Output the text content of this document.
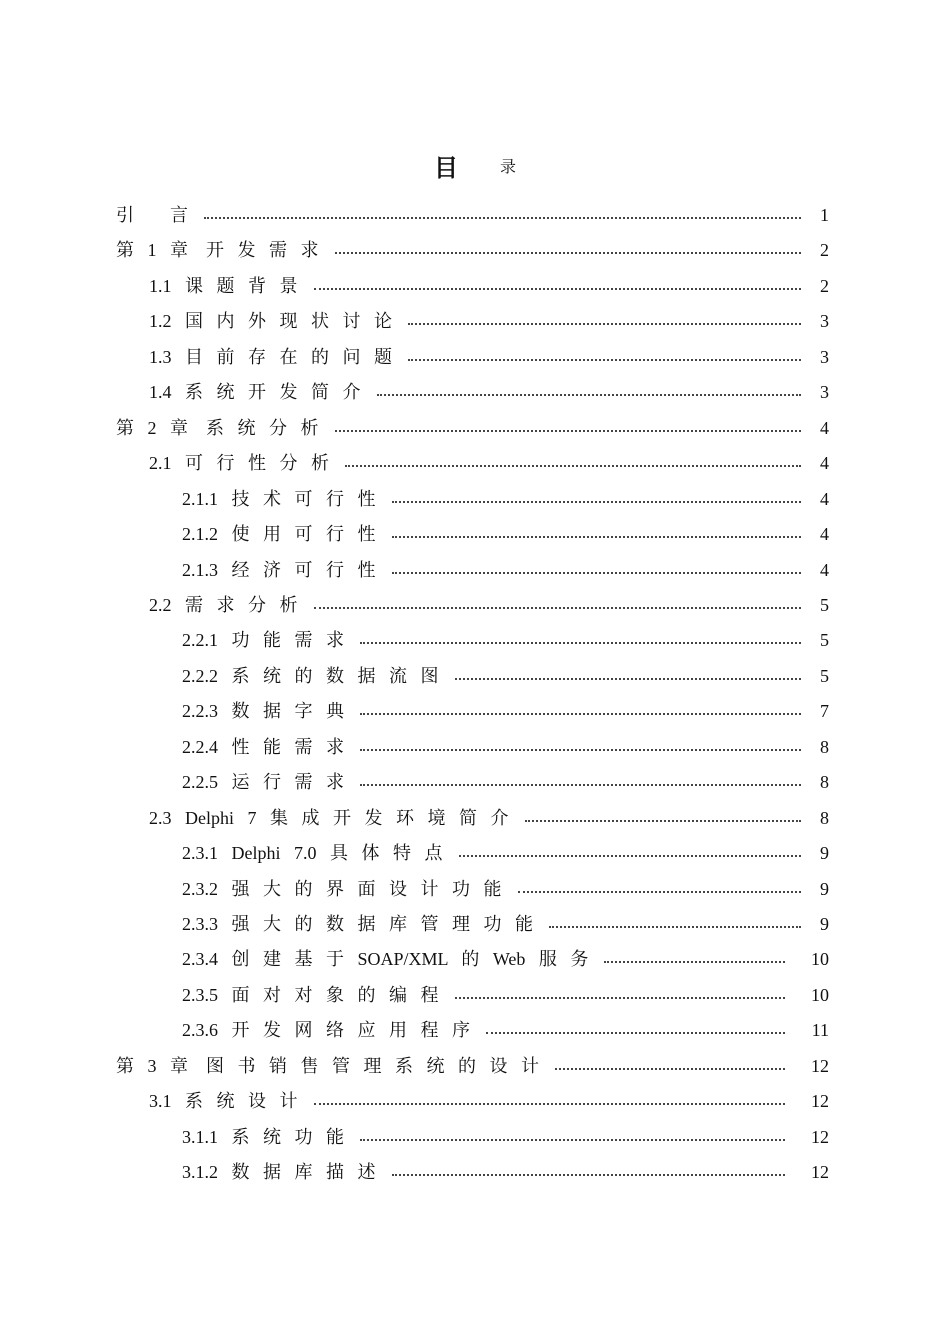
目	录
引　　言	1
第 1 章　开 发 需 求	2
1.1 课 题 背 景	2
1.2 国 内 外 现 状 讨 论	3
1.3 目 前 存 在 的 问 题	3
1.4 系 统 开 发 简 介	3
第 2 章　系 统 分 析	4
2.1 可 行 性 分 析	4
2.1.1 技 术 可 行 性	4
2.1.2 使 用 可 行 性	4
2.1.3 经 济 可 行 性	4
2.2 需 求 分 析	5
2.2.1 功 能 需 求	5
2.2.2 系 统 的 数 据 流 图	5
2.2.3 数 据 字 典	7
2.2.4 性 能 需 求	8
2.2.5 运 行 需 求	8
2.3 Delphi 7 集 成 开 发 环 境 简 介	8
2.3.1 Delphi 7.0 具 体 特 点	9
2.3.2 强 大 的 界 面 设 计 功 能	9
2.3.3 强 大 的 数 据 库 管 理 功 能	9
2.3.4 创 建 基 于 SOAP/XML 的 Web 服 务	10
2.3.5 面 对 对 象 的 编 程	10
2.3.6 开 发 网 络 应 用 程 序	11
第 3 章　图 书 销 售 管 理 系 统 的 设 计	12
3.1 系 统 设 计	12
3.1.1 系 统 功 能	12
3.1.2 数 据 库 描 述	12
